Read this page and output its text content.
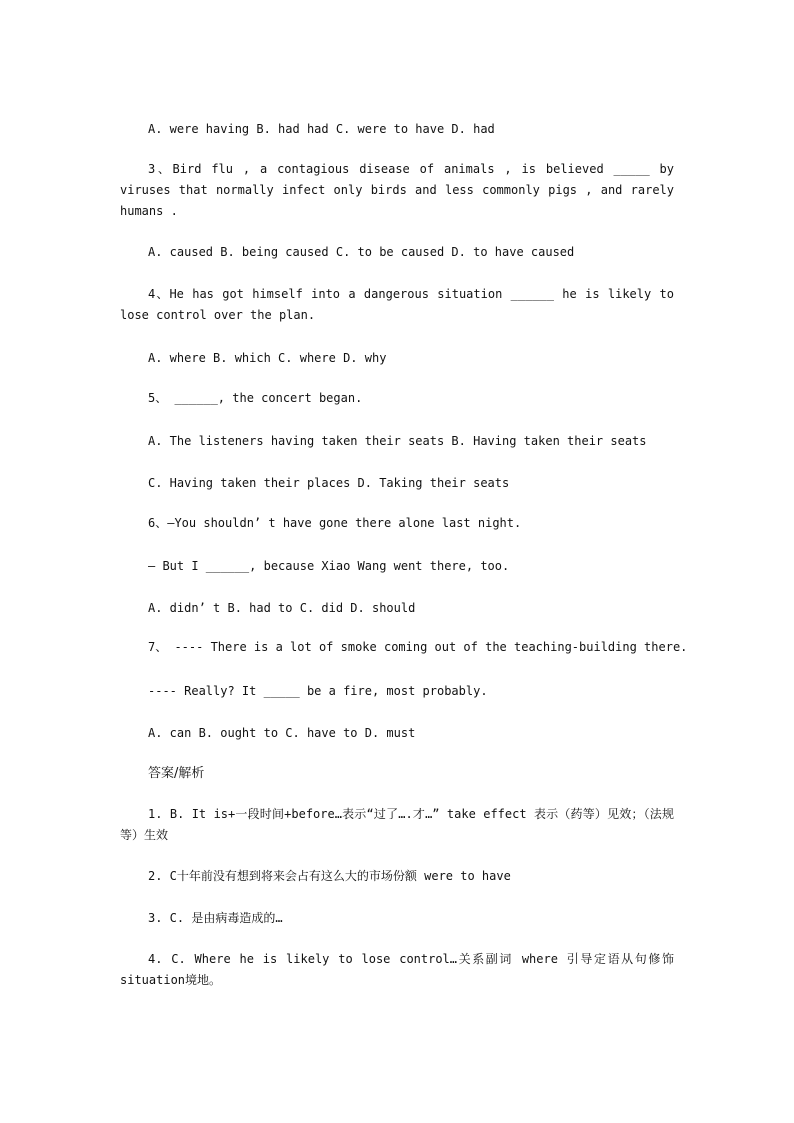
A. were having B. had had C. were to have D. had

3、Bird flu , a contagious disease of animals , is believed _____ by viruses that normally infect only birds and less commonly pigs , and rarely humans .

A. caused B. being caused C. to be caused D. to have caused

4、He has got himself into a dangerous situation ______ he is likely to lose control over the plan.

A. where B. which C. where D. why

5、 ______, the concert began.

A. The listeners having taken their seats B. Having taken their seats

C. Having taken their places D. Taking their seats

6、—You shouldn’ t have gone there alone last night.

— But I ______, because Xiao Wang went there, too.

A. didn’ t B. had to C. did D. should

7、 ---- There is a lot of smoke coming out of the teaching-building there.

---- Really? It _____ be a fire, most probably.

A. can B. ought to C. have to D. must

答案/解析

1. B. It is+一段时间+before…表示“过了….才…” take effect 表示（药等）见效；（法规等）生效

2. C十年前没有想到将来会占有这么大的市场份额 were to have

3. C. 是由病毒造成的…

4. C. Where he is likely to lose control…关系副词 where 引导定语从句修饰situation境地。
